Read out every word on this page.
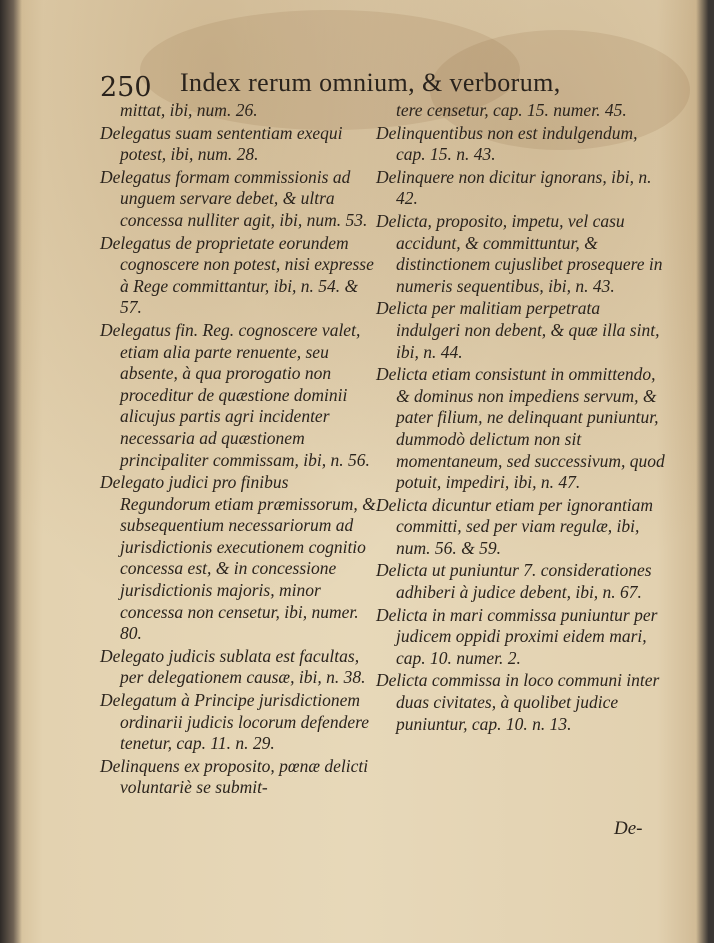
250 Index rerum omnium, & verborum,
mittat, ibi, num. 26.
Delegatus suam sententiam exequi potest, ibi, num. 28.
Delegatus formam commissionis ad unguem servare debet, & ultra concessa nulliter agit, ibi, num. 53.
Delegatus de proprietate eorundem cognoscere non potest, nisi expresse à Rege committantur, ibi, n. 54. & 57.
Delegatus fin. Reg. cognoscere valet, etiam alia parte renuente, seu absente, à qua prorogatio non proceditur de quæstione dominii alicujus partis agri incidenter necessaria ad quæstionem principaliter commissam, ibi, n. 56.
Delegato judici pro finibus Regundorum etiam præmissorum, & subsequentium necessariorum ad jurisdictionis executionem cognitio concessa est, & in concessione jurisdictionis majoris, minor concessa non censetur, ibi, numer. 80.
Delegato judicis sublata est facultas, per delegationem causæ, ibi, n. 38.
Delegatum à Principe jurisdictionem ordinarii judicis locorum defendere tenetur, cap. 11. n. 29.
Delinquens ex proposito, pœnæ delicti voluntariè se submit-
tere censetur, cap. 15. numer. 45.
Delinquentibus non est indulgendum, cap. 15. n. 43.
Delinquere non dicitur ignorans, ibi, n. 42.
Delicta, proposito, impetu, vel casu accidunt, & committuntur, & distinctionem cujuslibet prosequere in numeris sequentibus, ibi, n. 43.
Delicta per malitiam perpetrata indulgeri non debent, & quæ illa sint, ibi, n. 44.
Delicta etiam consistunt in ommittendo, & dominus non impediens servum, & pater filium, ne delinquant puniuntur, dummodò delictum non sit momentaneum, sed successivum, quod potuit, impediri, ibi, n. 47.
Delicta dicuntur etiam per ignorantiam committi, sed per viam regulæ, ibi, num. 56. & 59.
Delicta ut puniuntur 7. considerationes adhiberi à judice debent, ibi, n. 67.
Delicta in mari commissa puniuntur per judicem oppidi proximi eidem mari, cap. 10. numer. 2.
Delicta commissa in loco communi inter duas civitates, à quolibet judice puniuntur, cap. 10. n. 13.
De-
